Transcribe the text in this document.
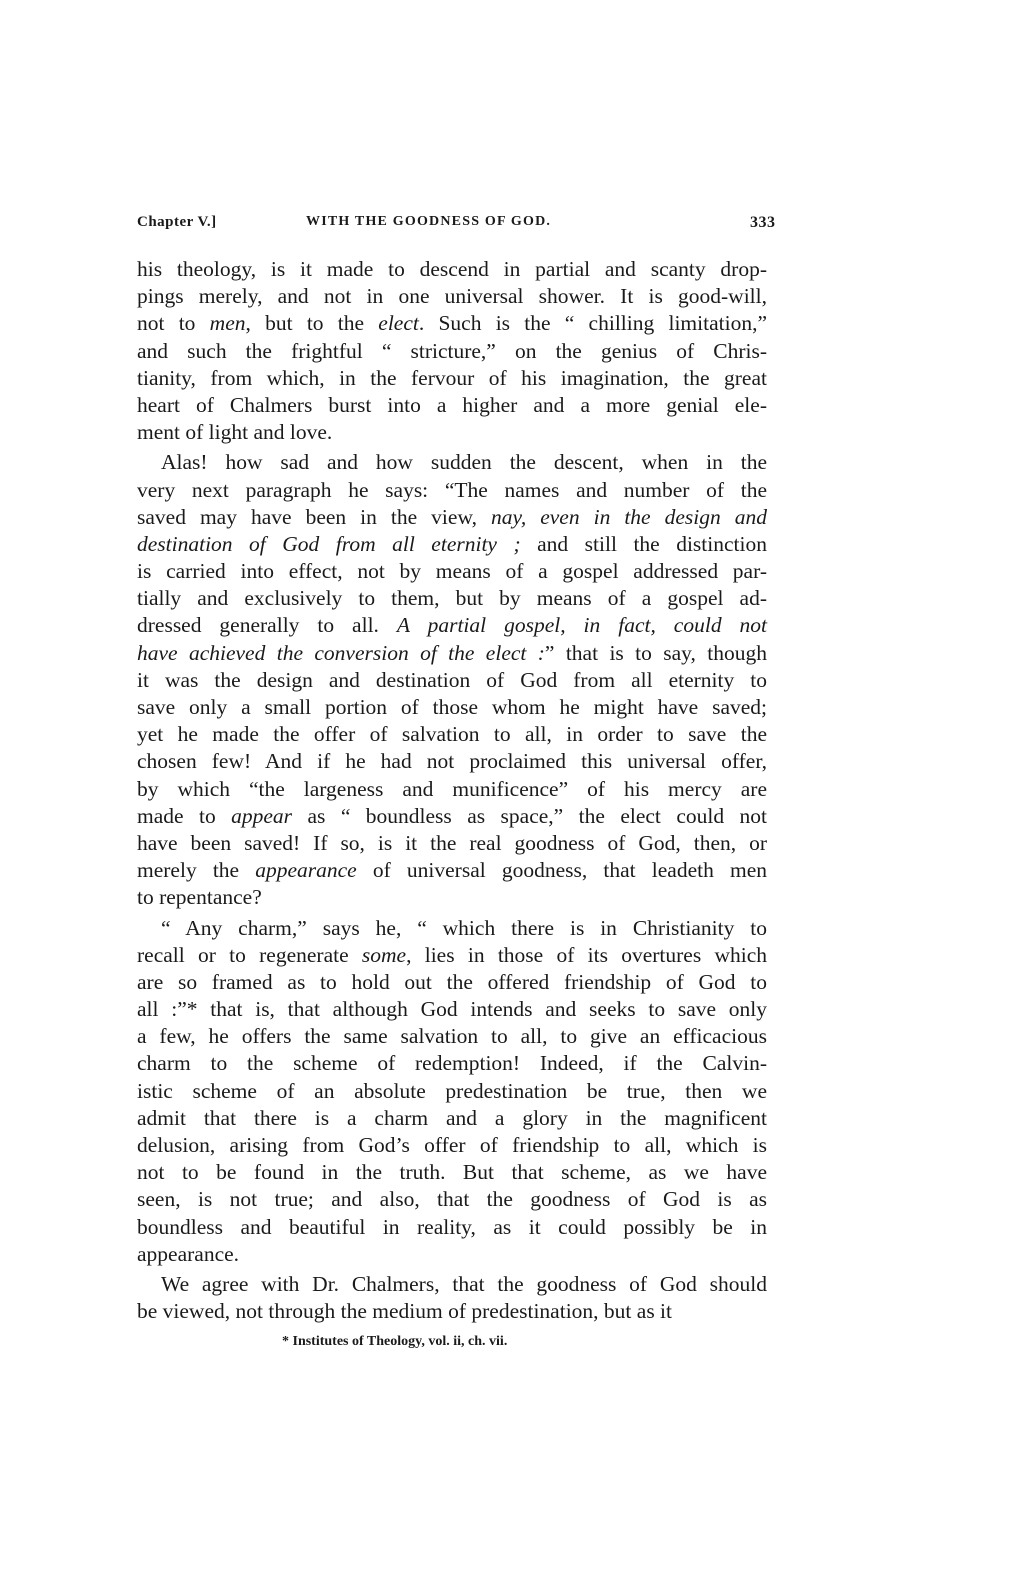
Chapter V.]	WITH THE GOODNESS OF GOD.	333
his theology, is it made to descend in partial and scanty drop-
pings merely, and not in one universal shower. It is good-will,
not to men, but to the elect. Such is the “ chilling limitation,”
and such the frightful “ stricture,” on the genius of Chris-
tianity, from which, in the fervour of his imagination, the great
heart of Chalmers burst into a higher and a more genial ele-
ment of light and love.
Alas! how sad and how sudden the descent, when in the
very next paragraph he says: “The names and number of the
saved may have been in the view, nay, even in the design and
destination of God from all eternity ; and still the distinction
is carried into effect, not by means of a gospel addressed par-
tially and exclusively to them, but by means of a gospel ad-
dressed generally to all. A partial gospel, in fact, could not
have achieved the conversion of the elect :” that is to say, though
it was the design and destination of God from all eternity to
save only a small portion of those whom he might have saved;
yet he made the offer of salvation to all, in order to save the
chosen few! And if he had not proclaimed this universal offer,
by which “the largeness and munificence” of his mercy are
made to appear as “ boundless as space,” the elect could not
have been saved! If so, is it the real goodness of God, then, or
merely the appearance of universal goodness, that leadeth men
to repentance?
“ Any charm,” says he, “ which there is in Christianity to
recall or to regenerate some, lies in those of its overtures which
are so framed as to hold out the offered friendship of God to
all :”* that is, that although God intends and seeks to save only
a few, he offers the same salvation to all, to give an efficacious
charm to the scheme of redemption! Indeed, if the Calvin-
istic scheme of an absolute predestination be true, then we
admit that there is a charm and a glory in the magnificent
delusion, arising from God’s offer of friendship to all, which is
not to be found in the truth. But that scheme, as we have
seen, is not true; and also, that the goodness of God is as
boundless and beautiful in reality, as it could possibly be in
appearance.
We agree with Dr. Chalmers, that the goodness of God should
be viewed, not through the medium of predestination, but as it
* Institutes of Theology, vol. ii, ch. vii.
